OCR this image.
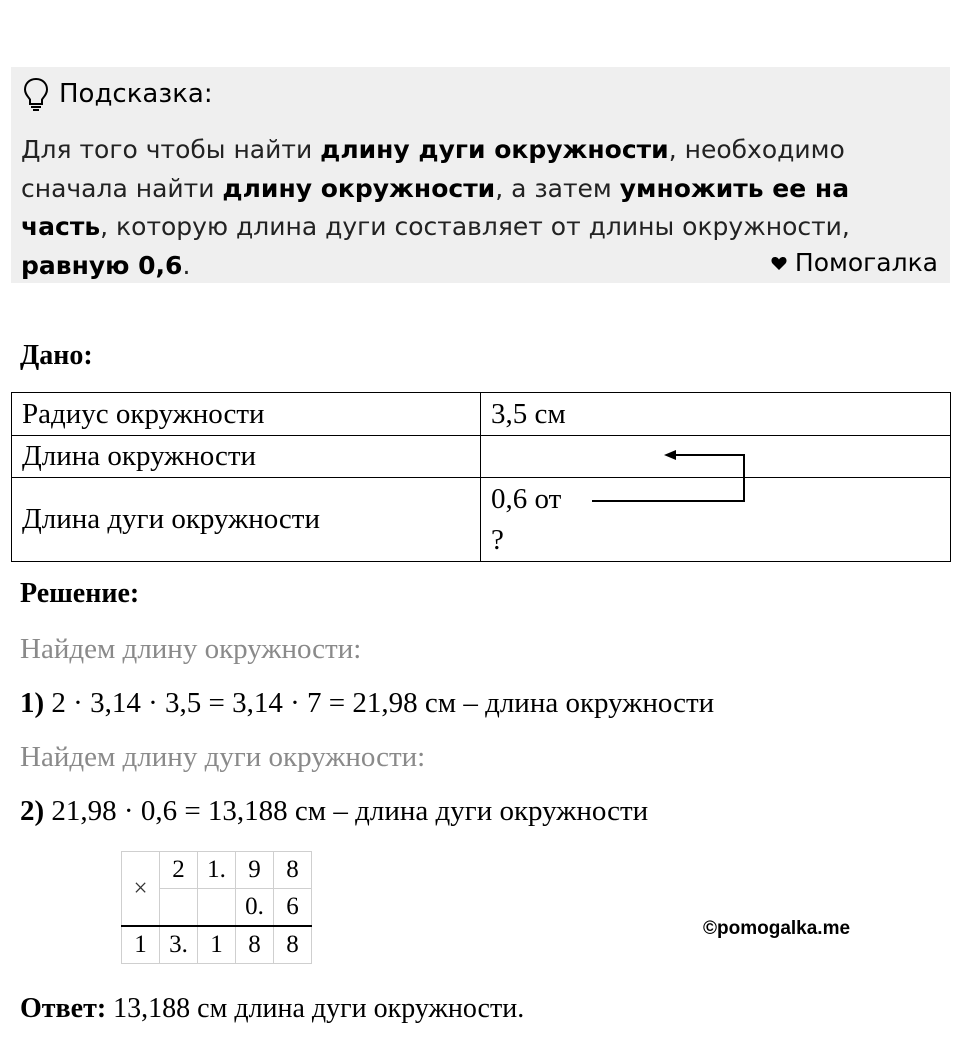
Подсказка:
Для того чтобы найти длину дуги окружности, необходимо сначала найти длину окружности, а затем умножить ее на часть, которую длина дуги составляет от длины окружности, равную 0,6.	Помогалка
Дано:
Радиус окружности	3,5 см
Длина окружности	
Длина дуги окружности	0,6 от
?
Решение:
Найдем длину окружности:
1) 2 · 3,14 · 3,5 = 3,14 · 7 = 21,98 см – длина окружности
Найдем длину дуги окружности:
2) 21,98 · 0,6 = 13,188 см – длина дуги окружности
×	2	1.	9	8
			0.	6
1	3.	1	8	8
©pomogalka.me
Ответ: 13,188 см длина дуги окружности.
